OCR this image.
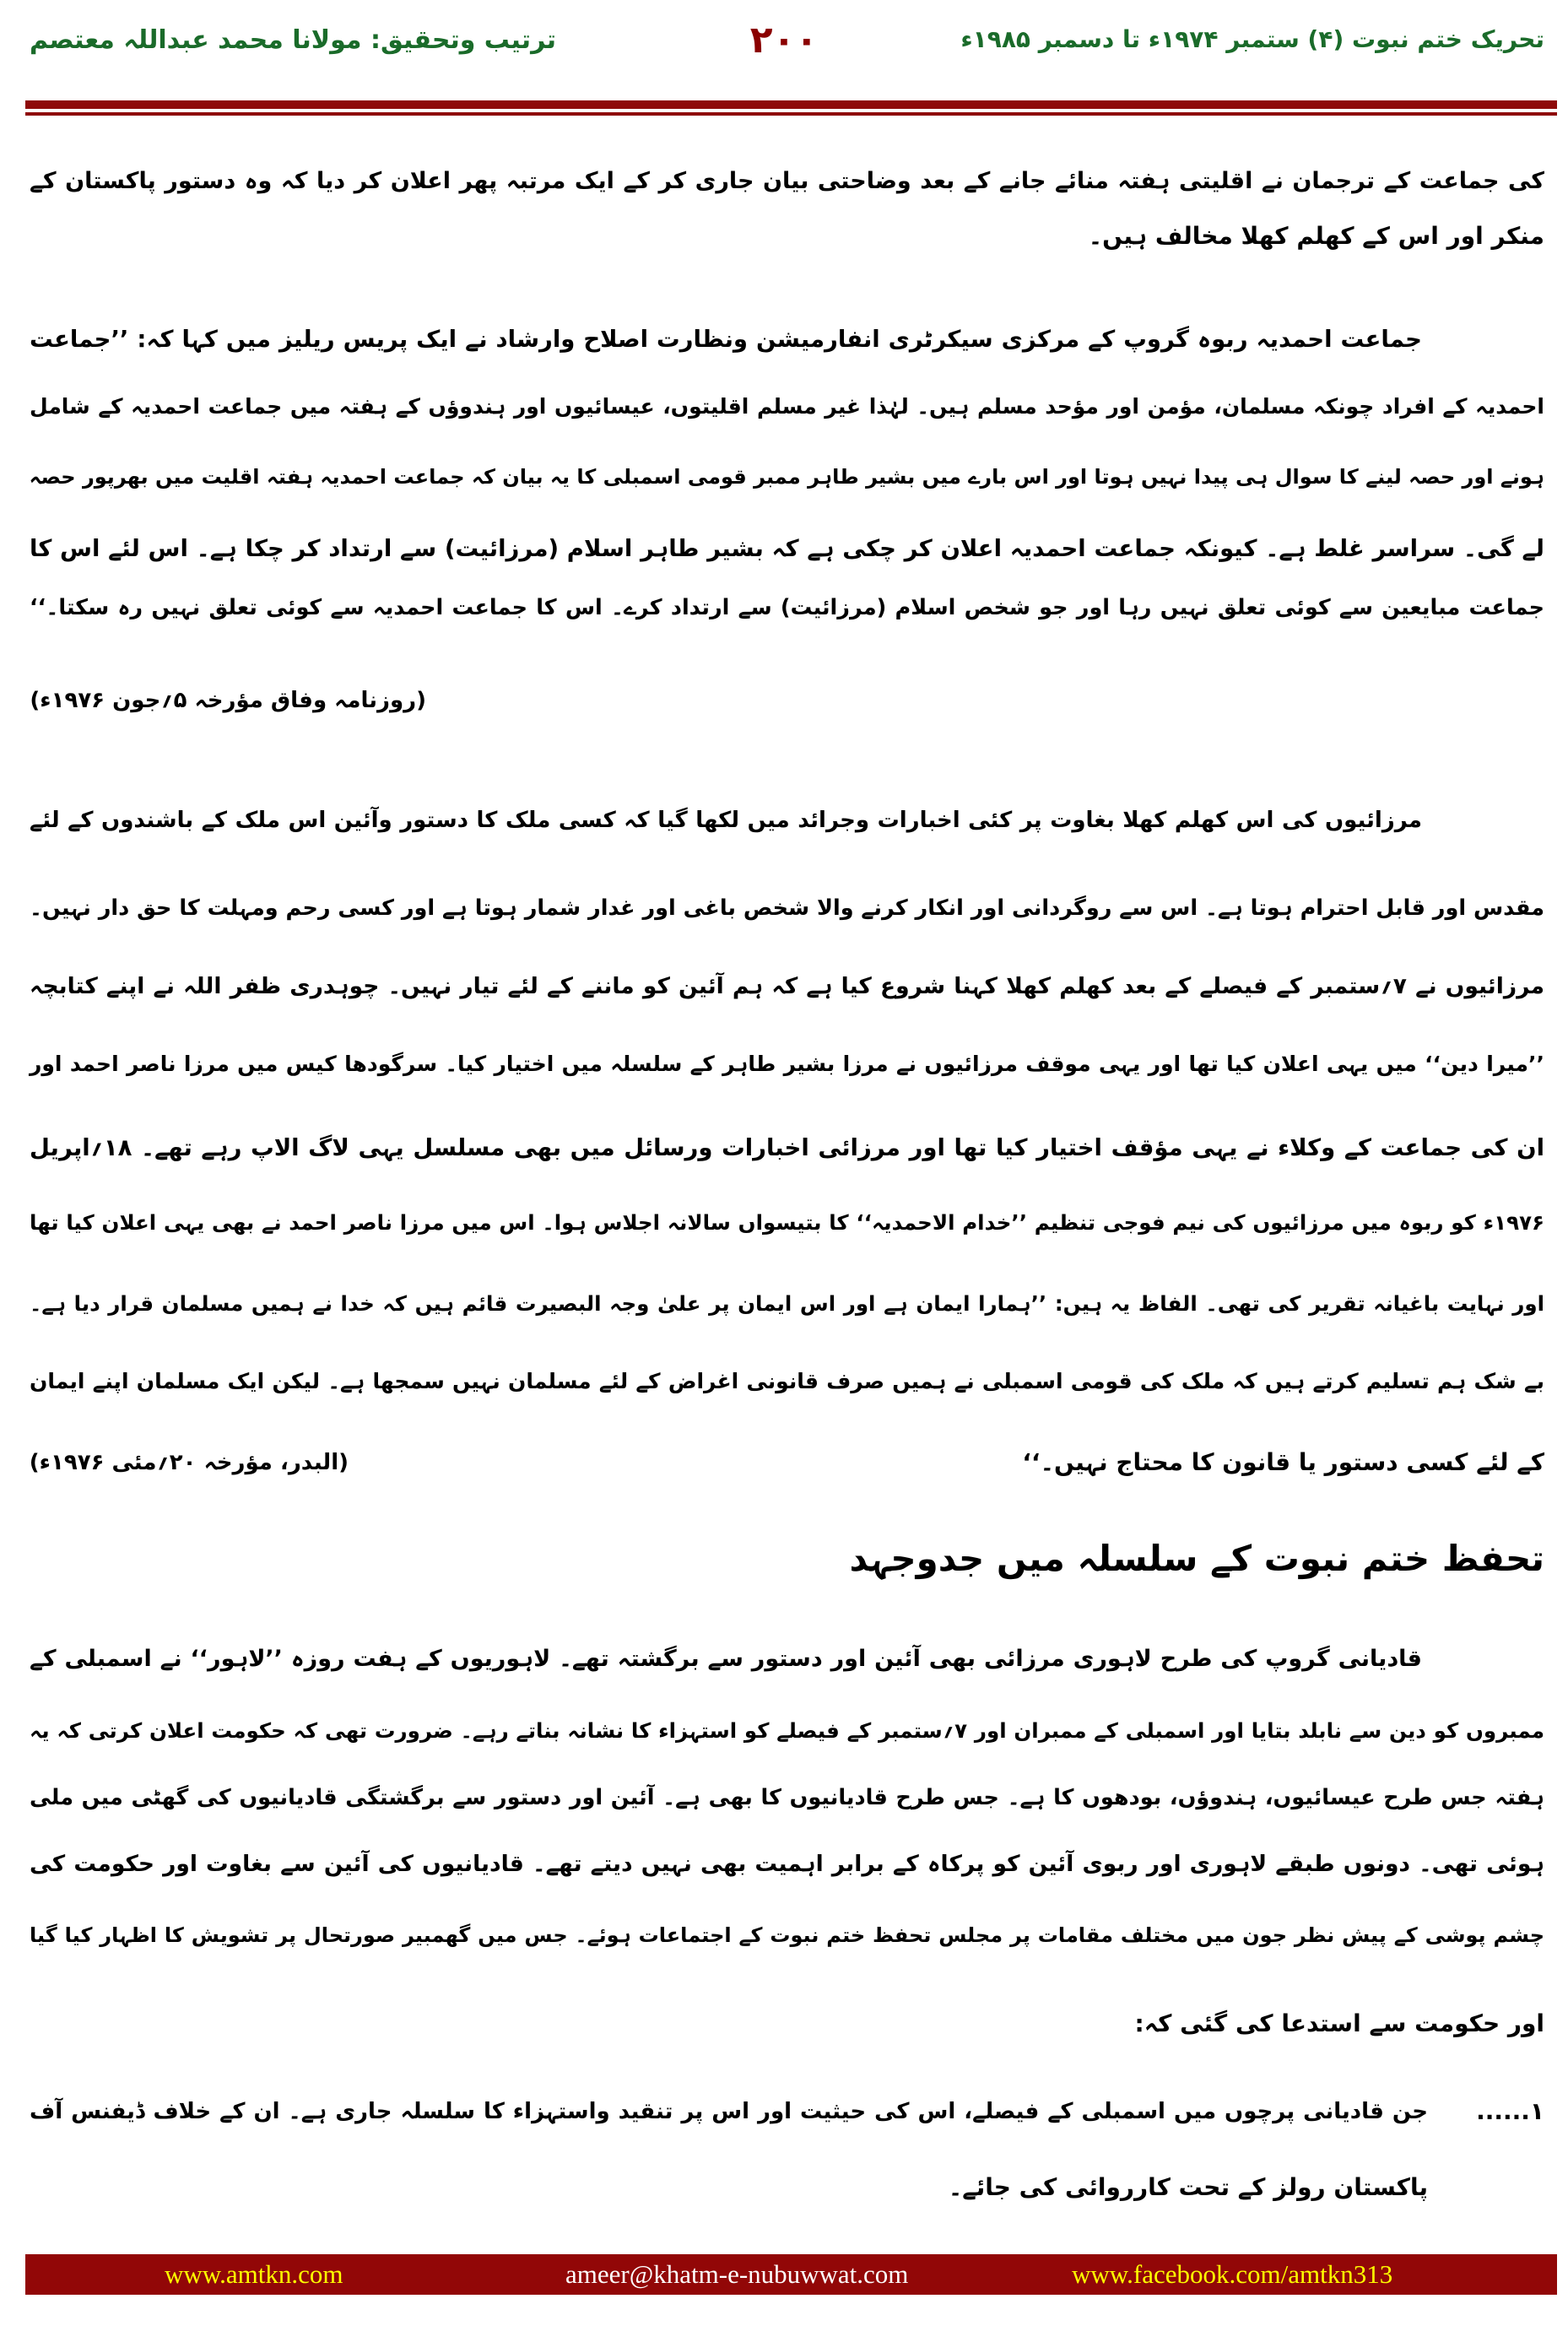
تحریک ختم نبوت (۴) ستمبر ۱۹۷۴ء تا دسمبر ۱۹۸۵ء
۲۰۰
ترتیب وتحقیق: مولانا محمد عبداللہ معتصم
کی جماعت کے ترجمان نے اقلیتی ہفتہ منائے جانے کے بعد وضاحتی بیان جاری کر کے ایک مرتبہ پھر اعلان کر دیا کہ وہ دستور پاکستان کے
منکر اور اس کے کھلم کھلا مخالف ہیں۔
جماعت احمدیہ ربوہ گروپ کے مرکزی سیکرٹری انفارمیشن ونظارت اصلاح وارشاد نے ایک پریس ریلیز میں کہا کہ: ’’جماعت
احمدیہ کے افراد چونکہ مسلمان، مؤمن اور مؤحد مسلم ہیں۔ لہٰذا غیر مسلم اقلیتوں، عیسائیوں اور ہندوؤں کے ہفتہ میں جماعت احمدیہ کے شامل
ہونے اور حصہ لینے کا سوال ہی پیدا نہیں ہوتا اور اس بارے میں بشیر طاہر ممبر قومی اسمبلی کا یہ بیان کہ جماعت احمدیہ ہفتہ اقلیت میں بھرپور حصہ
لے گی۔ سراسر غلط ہے۔ کیونکہ جماعت احمدیہ اعلان کر چکی ہے کہ بشیر طاہر اسلام (مرزائیت) سے ارتداد کر چکا ہے۔ اس لئے اس کا
جماعت مبایعین سے کوئی تعلق نہیں رہا اور جو شخص اسلام (مرزائیت) سے ارتداد کرے۔ اس کا جماعت احمدیہ سے کوئی تعلق نہیں رہ سکتا۔‘‘
(روزنامہ وفاق مؤرخہ ۵؍جون ۱۹۷۶ء)
مرزائیوں کی اس کھلم کھلا بغاوت پر کئی اخبارات وجرائد میں لکھا گیا کہ کسی ملک کا دستور وآئین اس ملک کے باشندوں کے لئے
مقدس اور قابل احترام ہوتا ہے۔ اس سے روگردانی اور انکار کرنے والا شخص باغی اور غدار شمار ہوتا ہے اور کسی رحم ومہلت کا حق دار نہیں۔
مرزائیوں نے ۷؍ستمبر کے فیصلے کے بعد کھلم کھلا کہنا شروع کیا ہے کہ ہم آئین کو ماننے کے لئے تیار نہیں۔ چوہدری ظفر اللہ نے اپنے کتابچہ
’’میرا دین‘‘ میں یہی اعلان کیا تھا اور یہی موقف مرزائیوں نے مرزا بشیر طاہر کے سلسلہ میں اختیار کیا۔ سرگودھا کیس میں مرزا ناصر احمد اور
ان کی جماعت کے وکلاء نے یہی مؤقف اختیار کیا تھا اور مرزائی اخبارات ورسائل میں بھی مسلسل یہی لاگ الاپ رہے تھے۔ ۱۸؍اپریل
۱۹۷۶ء کو ربوہ میں مرزائیوں کی نیم فوجی تنظیم ’’خدام الاحمدیہ‘‘ کا بتیسواں سالانہ اجلاس ہوا۔ اس میں مرزا ناصر احمد نے بھی یہی اعلان کیا تھا
اور نہایت باغیانہ تقریر کی تھی۔ الفاظ یہ ہیں: ’’ہمارا ایمان ہے اور اس ایمان پر علیٰ وجہ البصیرت قائم ہیں کہ خدا نے ہمیں مسلمان قرار دیا ہے۔
بے شک ہم تسلیم کرتے ہیں کہ ملک کی قومی اسمبلی نے ہمیں صرف قانونی اغراض کے لئے مسلمان نہیں سمجھا ہے۔ لیکن ایک مسلمان اپنے ایمان
کے لئے کسی دستور یا قانون کا محتاج نہیں۔‘‘
(البدر، مؤرخہ ۲۰؍مئی ۱۹۷۶ء)
تحفظ ختم نبوت کے سلسلہ میں جدوجہد
قادیانی گروپ کی طرح لاہوری مرزائی بھی آئین اور دستور سے برگشتہ تھے۔ لاہوریوں کے ہفت روزہ ’’لاہور‘‘ نے اسمبلی کے
ممبروں کو دین سے نابلد بتایا اور اسمبلی کے ممبران اور ۷؍ستمبر کے فیصلے کو استہزاء کا نشانہ بناتے رہے۔ ضرورت تھی کہ حکومت اعلان کرتی کہ یہ
ہفتہ جس طرح عیسائیوں، ہندوؤں، بودھوں کا ہے۔ جس طرح قادیانیوں کا بھی ہے۔ آئین اور دستور سے برگشتگی قادیانیوں کی گھٹی میں ملی
ہوئی تھی۔ دونوں طبقے لاہوری اور ربوی آئین کو پرکاہ کے برابر اہمیت بھی نہیں دیتے تھے۔ قادیانیوں کی آئین سے بغاوت اور حکومت کی
چشم پوشی کے پیش نظر جون میں مختلف مقامات پر مجلس تحفظ ختم نبوت کے اجتماعات ہوئے۔ جس میں گھمبیر صورتحال پر تشویش کا اظہار کیا گیا
اور حکومت سے استدعا کی گئی کہ:
۱......
جن قادیانی پرچوں میں اسمبلی کے فیصلے، اس کی حیثیت اور اس پر تنقید واستہزاء کا سلسلہ جاری ہے۔ ان کے خلاف ڈیفنس آف
پاکستان رولز کے تحت کارروائی کی جائے۔
www.amtkn.com	ameer@khatm-e-nubuwwat.com	www.facebook.com/amtkn313
